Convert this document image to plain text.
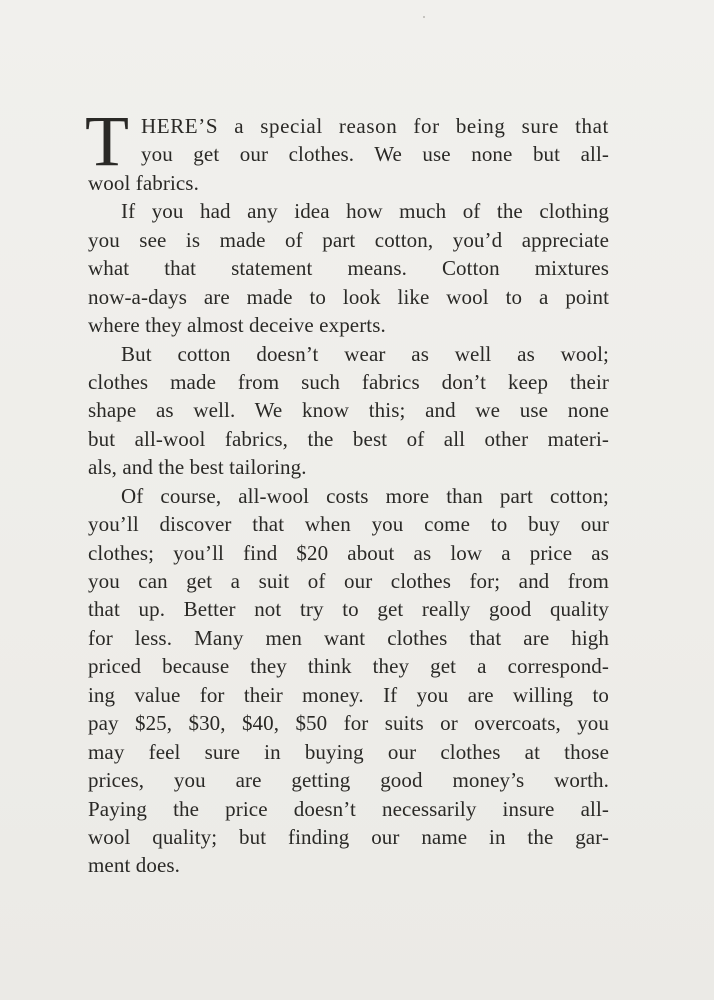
T HERE’S a special reason for being sure that
you get our clothes. We use none but all-
wool fabrics.
If you had any idea how much of the clothing
you see is made of part cotton, you’d appreciate
what that statement means. Cotton mixtures
now-a-days are made to look like wool to a point
where they almost deceive experts.
But cotton doesn’t wear as well as wool;
clothes made from such fabrics don’t keep their
shape as well. We know this; and we use none
but all-wool fabrics, the best of all other materi-
als, and the best tailoring.
Of course, all-wool costs more than part cotton;
you’ll discover that when you come to buy our
clothes; you’ll find $20 about as low a price as
you can get a suit of our clothes for; and from
that up. Better not try to get really good quality
for less. Many men want clothes that are high
priced because they think they get a correspond-
ing value for their money. If you are willing to
pay $25, $30, $40, $50 for suits or overcoats, you
may feel sure in buying our clothes at those
prices, you are getting good money’s worth.
Paying the price doesn’t necessarily insure all-
wool quality; but finding our name in the gar-
ment does.
